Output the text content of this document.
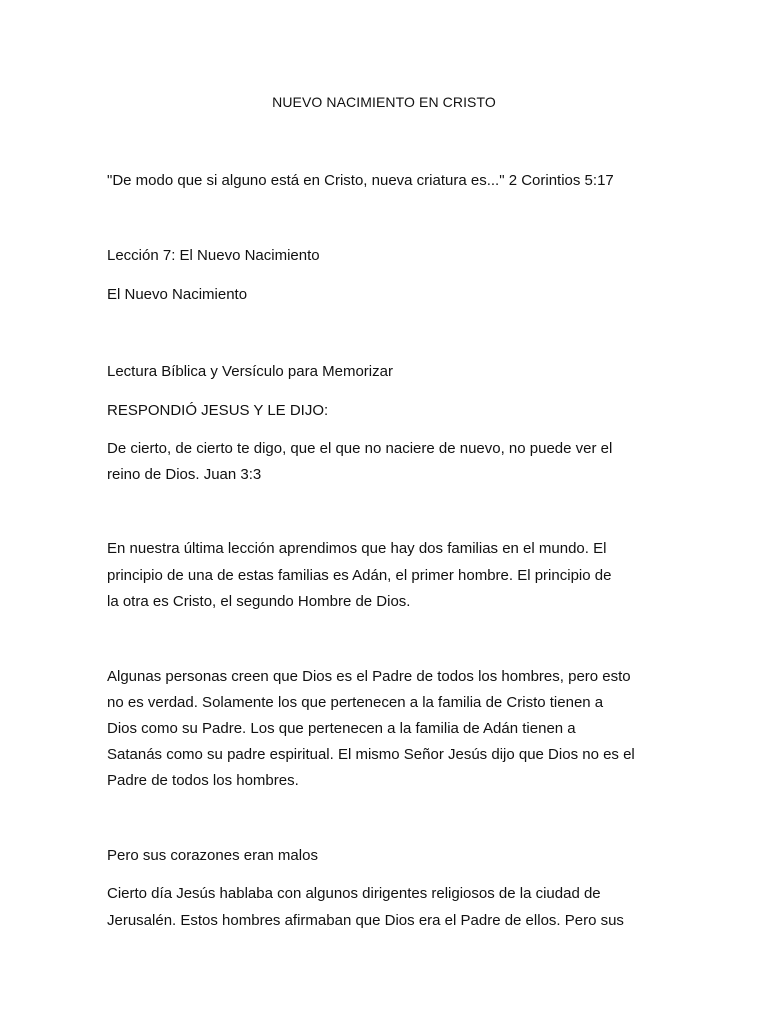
NUEVO NACIMIENTO EN CRISTO

"De modo que si alguno está en Cristo, nueva criatura es..." 2 Corintios 5:17

Lección 7: El Nuevo Nacimiento

El Nuevo Nacimiento

Lectura Bíblica y Versículo para Memorizar

RESPONDIÓ JESUS Y LE DIJO:

De cierto, de cierto te digo, que el que no naciere de nuevo, no puede ver el

reino de Dios. Juan 3:3

En nuestra última lección aprendimos que hay dos familias en el mundo. El

principio de una de estas familias es Adán, el primer hombre. El principio de

la otra es Cristo, el segundo Hombre de Dios.

Algunas personas creen que Dios es el Padre de todos los hombres, pero esto

no es verdad. Solamente los que pertenecen a la familia de Cristo tienen a

Dios como su Padre. Los que pertenecen a la familia de Adán tienen a

Satanás como su padre espiritual. El mismo Señor Jesús dijo que Dios no es el

Padre de todos los hombres.

Pero sus corazones eran malos

Cierto día Jesús hablaba con algunos dirigentes religiosos de la ciudad de

Jerusalén. Estos hombres afirmaban que Dios era el Padre de ellos. Pero sus
